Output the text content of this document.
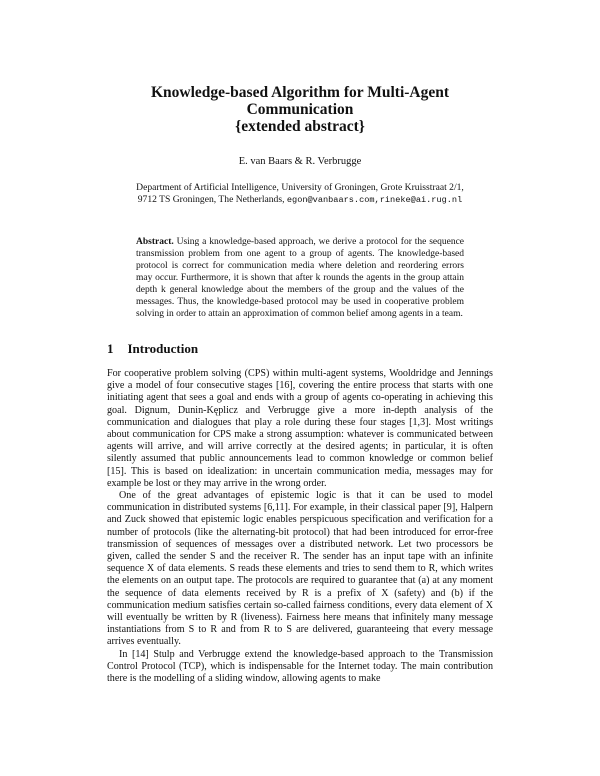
Knowledge-based Algorithm for Multi-Agent
Communication
{extended abstract}
E. van Baars & R. Verbrugge
Department of Artificial Intelligence, University of Groningen, Grote Kruisstraat 2/1,
9712 TS Groningen, The Netherlands, egon@vanbaars.com,rineke@ai.rug.nl
Abstract. Using a knowledge-based approach, we derive a protocol for the sequence transmission problem from one agent to a group of agents. The knowledge-based protocol is correct for communication media where deletion and reordering errors may occur. Furthermore, it is shown that after k rounds the agents in the group attain depth k general knowledge about the members of the group and the values of the messages. Thus, the knowledge-based protocol may be used in cooperative problem solving in order to attain an approximation of common belief among agents in a team.
1 Introduction

For cooperative problem solving (CPS) within multi-agent systems, Wooldridge and Jennings give a model of four consecutive stages [16], covering the entire process that starts with one initiating agent that sees a goal and ends with a group of agents co-operating in achieving this goal. Dignum, Dunin-Kęplicz and Verbrugge give a more in-depth analysis of the communication and dialogues that play a role during these four stages [1,3]. Most writings about communication for CPS make a strong assumption: whatever is communicated between agents will arrive, and will arrive correctly at the desired agents; in particular, it is often silently assumed that public announcements lead to common knowledge or common belief [15]. This is based on idealization: in uncertain communication media, messages may for example be lost or they may arrive in the wrong order.

One of the great advantages of epistemic logic is that it can be used to model communication in distributed systems [6,11]. For example, in their classical paper [9], Halpern and Zuck showed that epistemic logic enables perspicuous specification and verification for a number of protocols (like the alternating-bit protocol) that had been introduced for error-free transmission of sequences of messages over a distributed network. Let two processors be given, called the sender S and the receiver R. The sender has an input tape with an infinite sequence X of data elements. S reads these elements and tries to send them to R, which writes the elements on an output tape. The protocols are required to guarantee that (a) at any moment the sequence of data elements received by R is a prefix of X (safety) and (b) if the communication medium satisfies certain so-called fairness conditions, every data element of X will eventually be written by R (liveness). Fairness here means that infinitely many message instantiations from S to R and from R to S are delivered, guaranteeing that every message arrives eventually.

In [14] Stulp and Verbrugge extend the knowledge-based approach to the Transmission Control Protocol (TCP), which is indispensable for the Internet today. The main contribution there is the modelling of a sliding window, allowing agents to make
